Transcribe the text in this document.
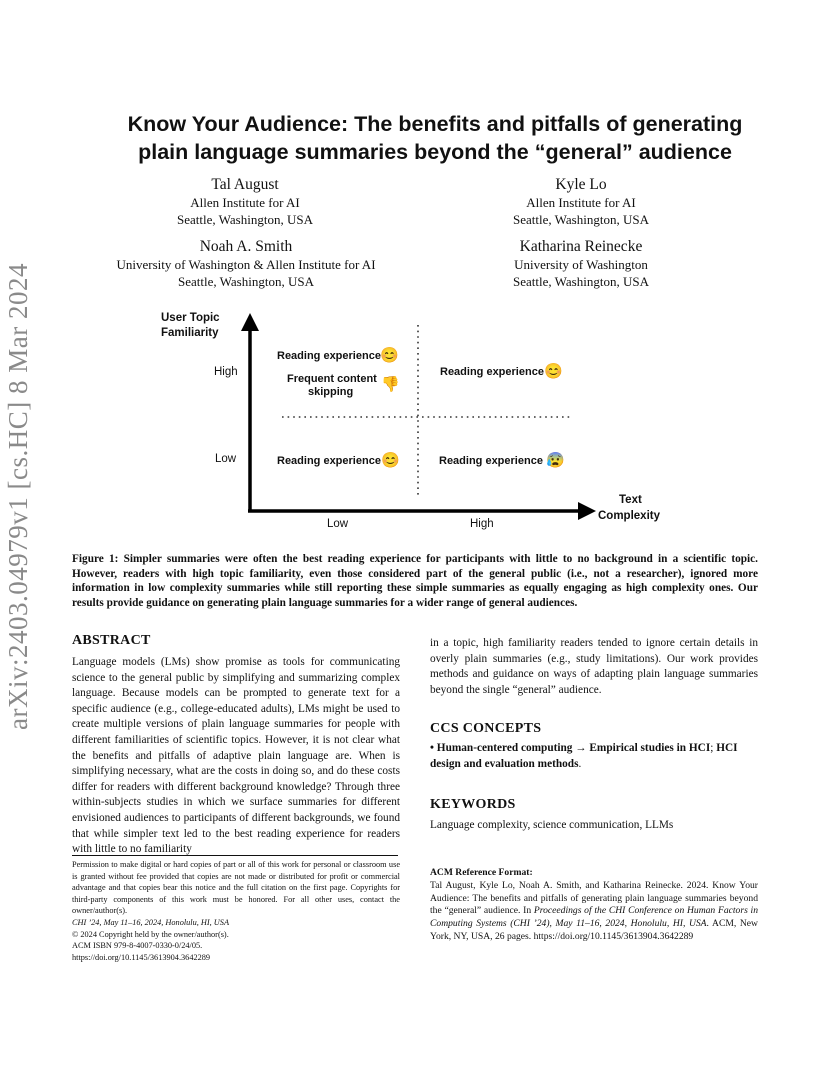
arXiv:2403.04979v1 [cs.HC] 8 Mar 2024
Know Your Audience: The benefits and pitfalls of generating
plain language summaries beyond the “general” audience
Tal August
Allen Institute for AI
Seattle, Washington, USA
Kyle Lo
Allen Institute for AI
Seattle, Washington, USA
Noah A. Smith
University of Washington & Allen Institute for AI
Seattle, Washington, USA
Katharina Reinecke
University of Washington
Seattle, Washington, USA
User Topic
Familiarity
Text
Complexity
High
Low
Low	High
Reading experience 😊
Frequent content
skipping 👎
Reading experience 😊
Reading experience 😊	Reading experience 😰
Figure 1: Simpler summaries were often the best reading experience for participants with little to no background in a scientific topic. However, readers with high topic familiarity, even those considered part of the general public (i.e., not a researcher), ignored more information in low complexity summaries while still reporting these simple summaries as equally engaging as high complexity ones. Our results provide guidance on generating plain language summaries for a wider range of general audiences.
ABSTRACT
Language models (LMs) show promise as tools for communicating science to the general public by simplifying and summarizing complex language. Because models can be prompted to generate text for a specific audience (e.g., college-educated adults), LMs might be used to create multiple versions of plain language summaries for people with different familiarities of scientific topics. However, it is not clear what the benefits and pitfalls of adaptive plain language are. When is simplifying necessary, what are the costs in doing so, and do these costs differ for readers with different background knowledge? Through three within-subjects studies in which we surface summaries for different envisioned audiences to participants of different backgrounds, we found that while simpler text led to the best reading experience for readers with little to no familiarity
in a topic, high familiarity readers tended to ignore certain details in overly plain summaries (e.g., study limitations). Our work provides methods and guidance on ways of adapting plain language summaries beyond the single “general” audience.
CCS CONCEPTS
• Human-centered computing → Empirical studies in HCI; HCI design and evaluation methods.
KEYWORDS
Language complexity, science communication, LLMs
Permission to make digital or hard copies of part or all of this work for personal or classroom use is granted without fee provided that copies are not made or distributed for profit or commercial advantage and that copies bear this notice and the full citation on the first page. Copyrights for third-party components of this work must be honored. For all other uses, contact the owner/author(s).
CHI ’24, May 11–16, 2024, Honolulu, HI, USA
© 2024 Copyright held by the owner/author(s).
ACM ISBN 979-8-4007-0330-0/24/05.
https://doi.org/10.1145/3613904.3642289
ACM Reference Format:
Tal August, Kyle Lo, Noah A. Smith, and Katharina Reinecke. 2024. Know Your Audience: The benefits and pitfalls of generating plain language summaries beyond the “general” audience. In Proceedings of the CHI Conference on Human Factors in Computing Systems (CHI ’24), May 11–16, 2024, Honolulu, HI, USA. ACM, New York, NY, USA, 26 pages. https://doi.org/10.1145/3613904.3642289
